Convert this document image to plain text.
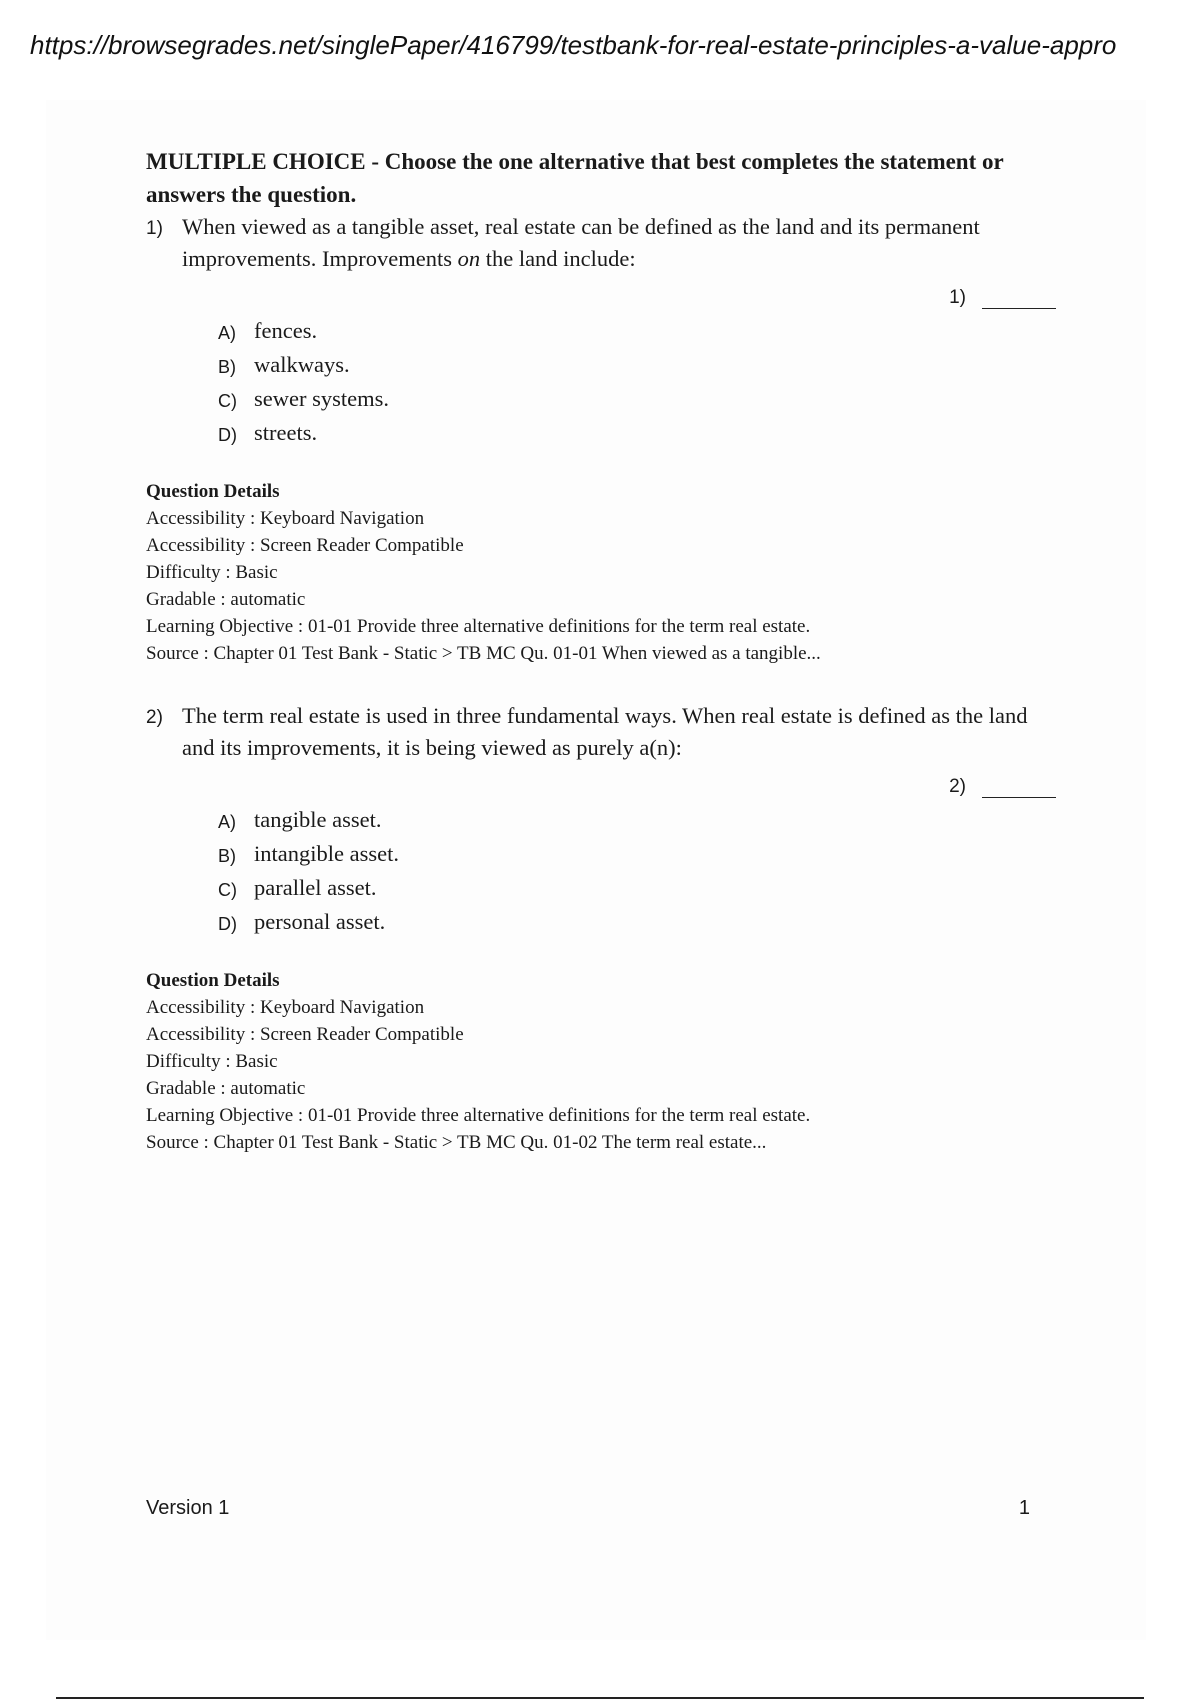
https://browsegrades.net/singlePaper/416799/testbank-for-real-estate-principles-a-value-appro
MULTIPLE CHOICE - Choose the one alternative that best completes the statement or answers the question.
1) When viewed as a tangible asset, real estate can be defined as the land and its permanent improvements. Improvements on the land include:
1)
A) fences.
B) walkways.
C) sewer systems.
D) streets.
Question Details
Accessibility : Keyboard Navigation
Accessibility : Screen Reader Compatible
Difficulty : Basic
Gradable : automatic
Learning Objective : 01-01 Provide three alternative definitions for the term real estate.
Source : Chapter 01 Test Bank - Static > TB MC Qu. 01-01 When viewed as a tangible...
2) The term real estate is used in three fundamental ways. When real estate is defined as the land and its improvements, it is being viewed as purely a(n):
2)
A) tangible asset.
B) intangible asset.
C) parallel asset.
D) personal asset.
Question Details
Accessibility : Keyboard Navigation
Accessibility : Screen Reader Compatible
Difficulty : Basic
Gradable : automatic
Learning Objective : 01-01 Provide three alternative definitions for the term real estate.
Source : Chapter 01 Test Bank - Static > TB MC Qu. 01-02 The term real estate...
Version 1	1
